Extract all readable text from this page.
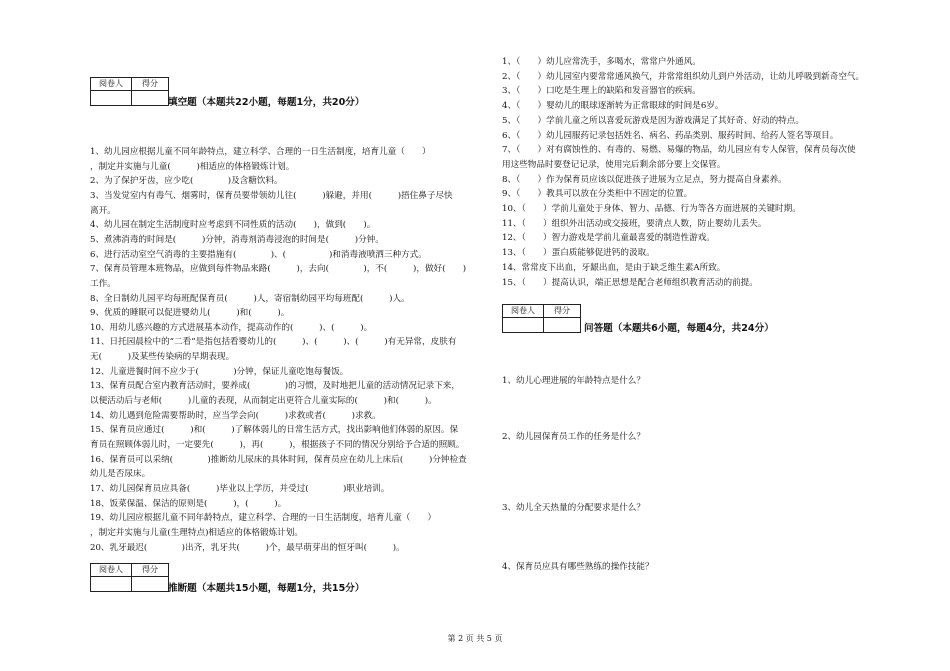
阅卷人	得分

填空题（本题共22小题，每题1分，共20分）
1、幼儿园应根据儿童不同年龄特点，建立科学、合理的一日生活制度，培育儿童（　　）
，制定并实施与儿童(　　　)相适应的体格锻炼计划。
2、为了保护牙齿，应少吃(　　　　)及含糖饮料。
3、当发觉室内有毒气、烟雾时，保育员要带领幼儿往(　　　)躲避，并用(　　　)捂住鼻子尽快
离开。
4、幼儿园在制定生活制度时应考虑到不同性质的活动(　　)，做到(　　)。
5、煮沸消毒的时间是(　　　)分钟，消毒剂消毒浸泡的时间是(　　　)分钟。
6、进行活动室空气消毒的主要措施有(　　　　)、(　　　　　)和消毒液喷洒三种方式。
7、保育员管理本班物品，应做到每件物品来路(　　　)，去向(　　　　)，不(　　　)，做好(　　)
工作。
8、全日制幼儿园平均每班配保育员(　　　)人，寄宿制幼园平均每班配(　　　)人。
9、优质的睡眠可以促进婴幼儿(　　　)和(　　　)。
10、用幼儿感兴趣的方式进展基本动作，提高动作的(　　　)、(　　　)。
11、日托园晨检中的“二看”是指包括看婴幼儿的(　　　)、(　　　)、(　　　)有无异常，皮肤有
无(　　　)及某些传染病的早期表现。
12、儿童进餐时间不应少于(　　　　)分钟，保证儿童吃饱每餐饭。
13、保育员配合室内教育活动时，要养成(　　　　)的习惯，及时地把儿童的活动情况记录下来，
以便活动后与老师(　　　)儿童的表现，从而制定出更符合儿童实际的(　　　)和(　　　)。
14、幼儿遇到危险需要帮助时，应当学会向(　　　)求救或者(　　　)求救。
15、保育员应通过(　　　)和(　　　)了解体弱儿的日常生活方式，找出影响他们体弱的原因。保
育员在照顾体弱儿时，一定要先(　　　)，再(　　　)，根据孩子不同的情况分别给予合适的照顾。
16、保育员可以采纳(　　　　)推断幼儿尿床的具体时间，保育员应在幼儿上床后(　　　)分钟检查
幼儿是否尿床。
17、幼儿园保育员应具备(　　　)毕业以上学历，并受过(　　　　)职业培训。
18、饭菜保温、保洁的原则是(　　　)，(　　　)。
19、幼儿园应根据儿童不同年龄特点，建立科学、合理的一日生活制度，培育儿童（　　）
，制定并实施与儿童(生理特点)相适应的体格锻炼计划。
20、乳牙最迟(　　　　)出齐，乳牙共(　　　)个，最早萌芽出的恒牙叫(　　　)。
阅卷人	得分

推断题（本题共15小题，每题1分，共15分）
1、（　　）幼儿应常洗手，多喝水，常常户外通风。
2、（　　）幼儿园室内要常常通风换气，并常常组织幼儿到户外活动，让幼儿呼吸到新奇空气。
3、（　　）口吃是生理上的缺陷和发音器官的疾病。
4、（　　）婴幼儿的眼球逐渐转为正常眼球的时间是6岁。
5、（　　）学前儿童之所以喜爱玩游戏是因为游戏满足了其好奇、好动的特点。
6、（　　）幼儿园服药记录包括姓名、病名、药品类别、服药时间、给药人签名等项目。
7、（　　）对有腐蚀性的、有毒的、易燃、易爆的物品，幼儿园应有专人保管，保育员每次使
用这些物品时要登记记录，使用完后剩余部分要上交保管。
8、（　　）作为保育员应该以促进孩子进展为立足点，努力提高自身素养。
9、（　　）教具可以放在分类柜中不固定的位置。
10、（　　）学前儿童处于身体、智力、品德、行为等各方面进展的关键时期。
11、（　　）组织外出活动或交接班，要清点人数，防止婴幼儿丢失。
12、（　　）智力游戏是学前儿童最喜爱的制造性游戏。
13、（　　）蛋白质能够促进钙的汲取。
14、常常皮下出血，牙龈出血，是由于缺乏维生素A所致。
15、（　　）提高认识，端正思想是配合老师组织教育活动的前提。
阅卷人	得分

问答题（本题共6小题，每题4分，共24分）
1、幼儿心理进展的年龄特点是什么？
2、幼儿园保育员工作的任务是什么？
3、幼儿全天热量的分配要求是什么？
4、保育员应具有哪些熟练的操作技能？
第 2 页 共 5 页
